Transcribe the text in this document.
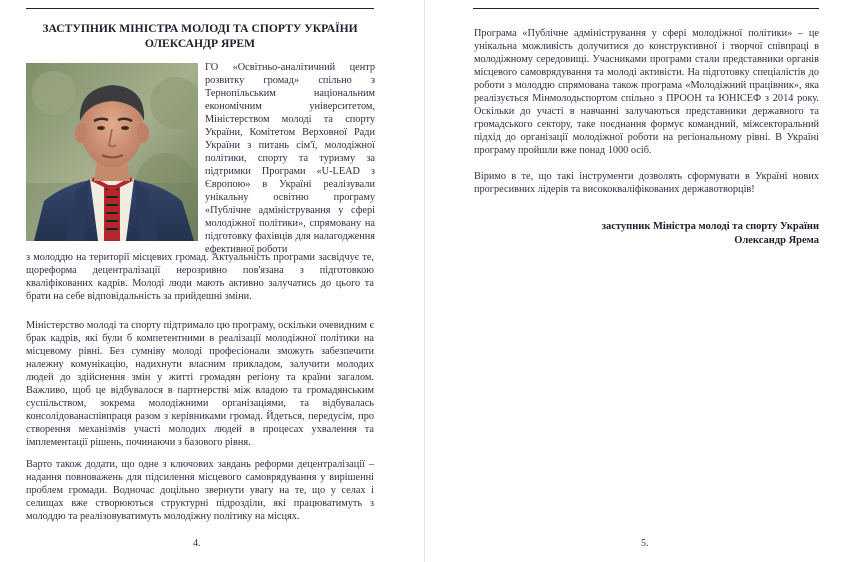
ЗАСТУПНИК МІНІСТРА МОЛОДІ ТА СПОРТУ УКРАЇНИ
ОЛЕКСАНДР ЯРЕМ

ГО «Освітньо-аналітичний центр розвитку громад» спільно з Тернопільським національним економічним університетом, Міністерством молоді та спорту України, Комітетом Верховної Ради України з питань сім'ї, молодіжної політики, спорту та туризму за підтримки Програми «U-LEAD з Європою» в Україні реалізували унікальну освітню програму «Публічне адміністрування у сфері молодіжної політики», спрямовану на підготовку фахівців для налагодження ефективної роботи

з молоддю на території місцевих громад. Актуальність програми засвідчує те, щореформа децентралізації нерозривно пов'язана з підготовкою кваліфікованих кадрів. Молоді люди мають активно залучатись до цього та брати на себе відповідальність за прийдешні зміни.

Міністерство молоді та спорту підтримало цю програму, оскільки очевидним є брак кадрів, які були б компетентними в реалізації молодіжної політики на місцевому рівні. Без сумніву молоді професіонали зможуть забезпечити належну комунікацію, надихнути власним прикладом, залучити молодих людей до здійснення змін у житті громадян регіону та країни загалом. Важливо, щоб це відбувалося в партнерстві між владою та громадянським суспільством, зокрема молодіжними організаціями, та відбувалась консолідованаспівпраця разом з керівниками громад. Йдеться, передусім, про створення механізмів участі молодих людей в процесах ухвалення та імплементації рішень, починаючи з базового рівня.

Варто також додати, що одне з ключових завдань реформи децентралізації – надання повноважень для підсилення місцевого самоврядування у вирішенні проблем громади. Водночас доцільно звернути увагу на те, що у селах і селищах вже створюються структурні підрозділи, які працюватимуть з молоддю та реалізовуватимуть молодіжну політику на місцях.

4.

Програма «Публічне адміністрування у сфері молодіжної політики» – це унікальна можливість долучитися до конструктивної і творчої співпраці в молодіжному середовищі. Учасниками програми стали представники органів місцевого самоврядування та молоді активісти. На підготовку спеціалістів до роботи з молоддю спрямована також програма «Молодіжний працівник», яка реалізується Мінмолодьспортом спільно з ПРООН та ЮНІСЕФ з 2014 року. Оскільки до участі в навчанні залучаються представники державного та громадського сектору, таке поєднання формує командний, міжсекторальний підхід до організації молодіжної роботи на регіональному рівні. В Україні програму пройшли вже понад 1000 осіб.

Віримо в те, що такі інструменти дозволять сформувати в Україні нових прогресивних лідерів та висококваліфікованих державотворців!

заступник Міністра молоді та спорту України

Олександр Ярема

5.
